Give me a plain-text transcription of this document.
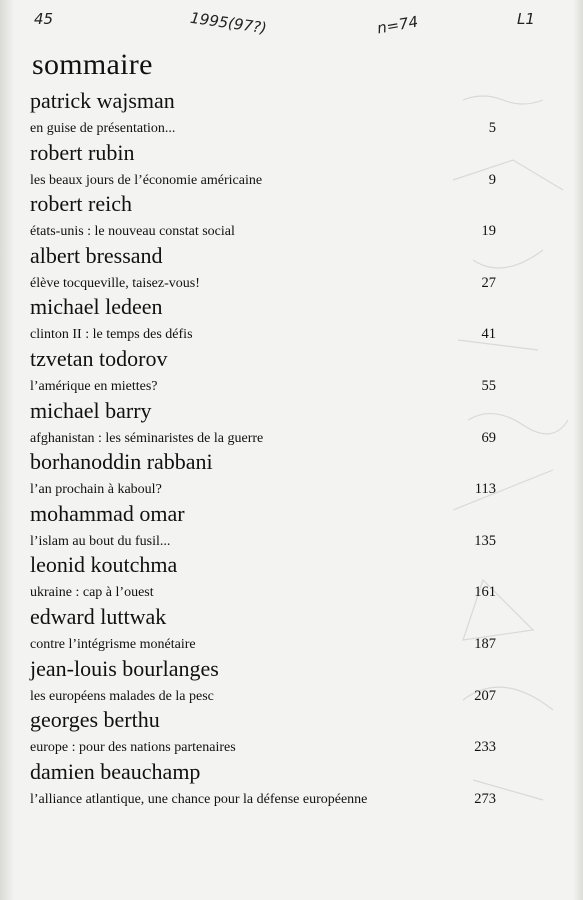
45	1995(97?)	n=74	L1
sommaire
patrick wajsman
en guise de présentation...	5
robert rubin
les beaux jours de l’économie américaine	9
robert reich
états-unis : le nouveau constat social	19
albert bressand
élève tocqueville, taisez-vous!	27
michael ledeen
clinton II : le temps des défis	41
tzvetan todorov
l’amérique en miettes?	55
michael barry
afghanistan : les séminaristes de la guerre	69
borhanoddin rabbani
l’an prochain à kaboul?	113
mohammad omar
l’islam au bout du fusil...	135
leonid koutchma
ukraine : cap à l’ouest	161
edward luttwak
contre l’intégrisme monétaire	187
jean-louis bourlanges
les européens malades de la pesc	207
georges berthu
europe : pour des nations partenaires	233
damien beauchamp
l’alliance atlantique, une chance pour la défense européenne	273
